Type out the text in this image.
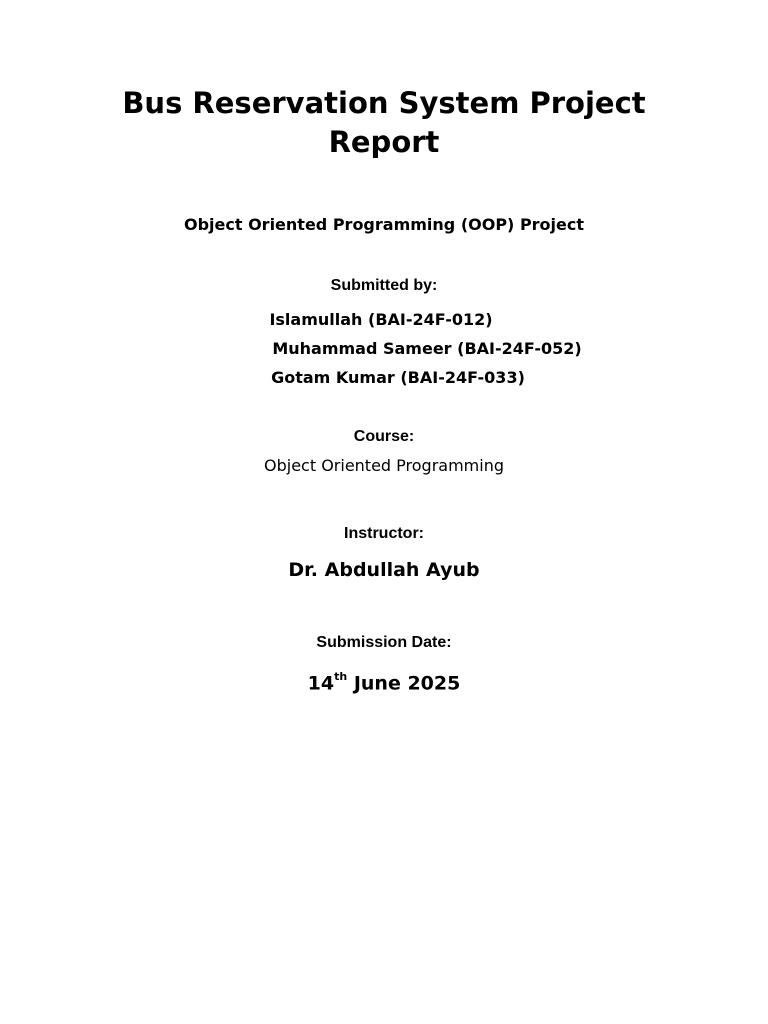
Bus Reservation System Project Report
Object Oriented Programming (OOP) Project
Submitted by:
Islamullah (BAI-24F-012)
Muhammad Sameer (BAI-24F-052)
Gotam Kumar (BAI-24F-033)
Course:
Object Oriented Programming
Instructor:
Dr. Abdullah Ayub
Submission Date:
14th June 2025
